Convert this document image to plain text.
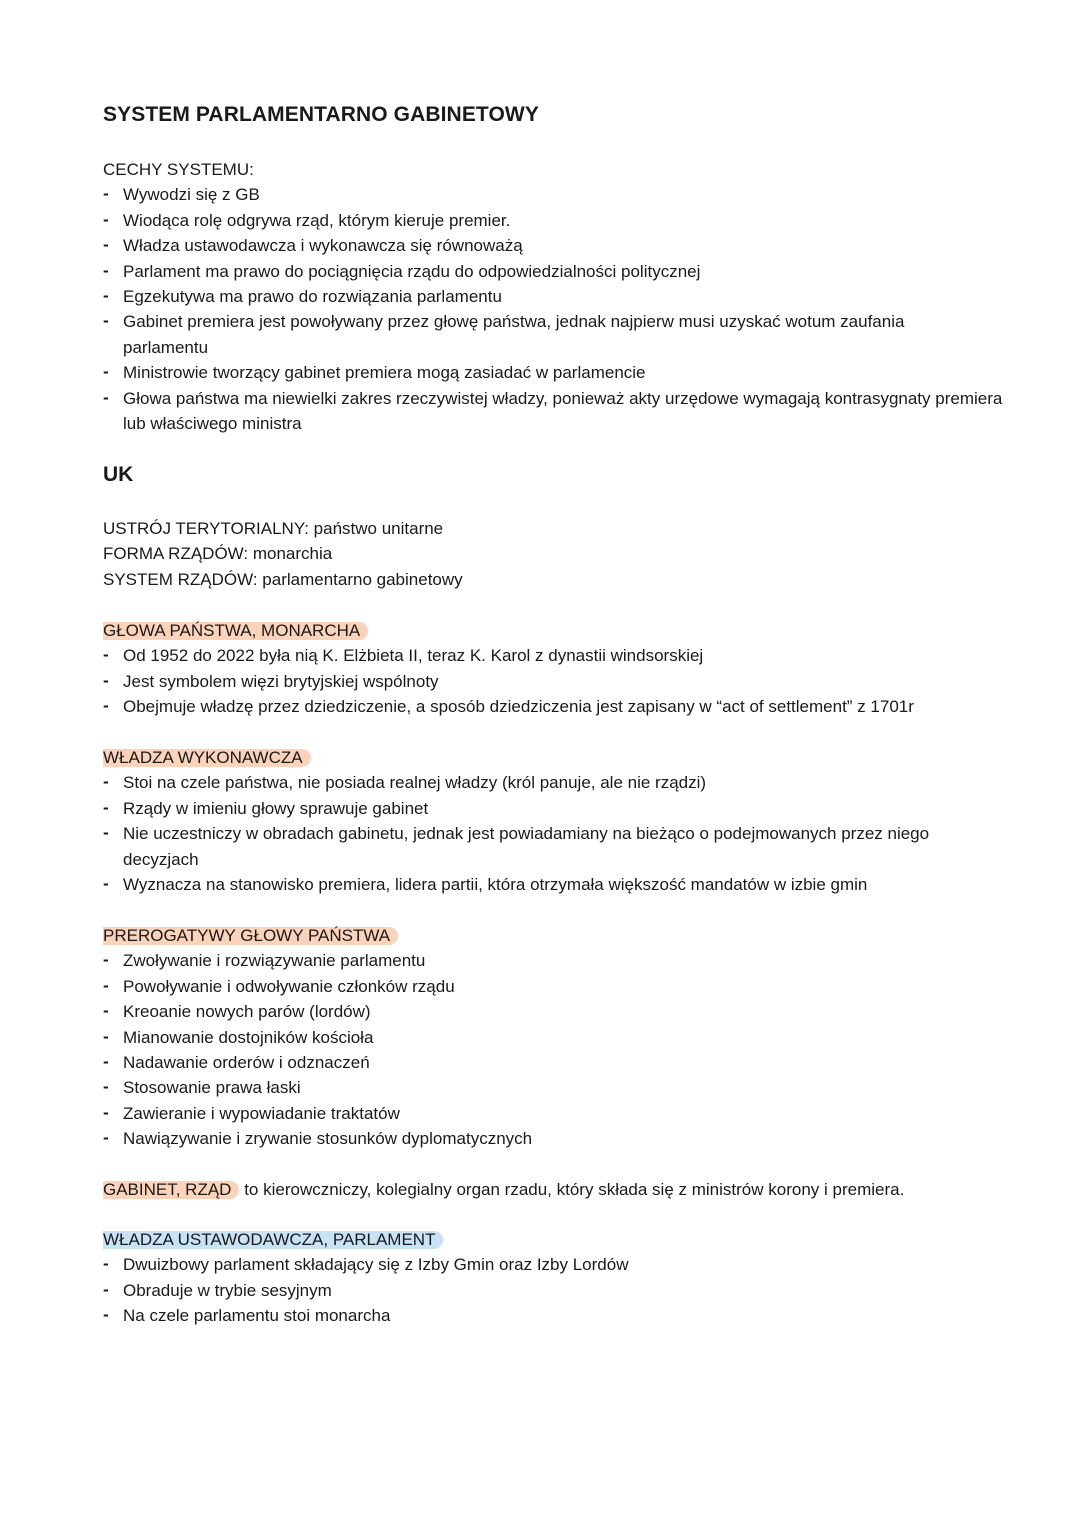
SYSTEM PARLAMENTARNO GABINETOWY
CECHY SYSTEMU:
- Wywodzi się z GB
- Wiodąca rolę odgrywa rząd, którym kieruje premier.
- Władza ustawodawcza i wykonawcza się równoważą
- Parlament ma prawo do pociągnięcia rządu do odpowiedzialności politycznej
- Egzekutywa ma prawo do rozwiązania parlamentu
- Gabinet premiera jest powoływany przez głowę państwa, jednak najpierw musi uzyskać wotum zaufania parlamentu
- Ministrowie tworzący gabinet premiera mogą zasiadać w parlamencie
- Głowa państwa ma niewielki zakres rzeczywistej władzy, ponieważ akty urzędowe wymagają kontrasygnaty premiera lub właściwego ministra
UK
USTRÓJ TERYTORIALNY: państwo unitarne
FORMA RZĄDÓW: monarchia
SYSTEM RZĄDÓW: parlamentarno gabinetowy
GŁOWA PAŃSTWA, MONARCHA
- Od 1952 do 2022 była nią K. Elżbieta II, teraz K. Karol z dynastii windsorskiej
- Jest symbolem więzi brytyjskiej wspólnoty
- Obejmuje władzę przez dziedziczenie, a sposób dziedziczenia jest zapisany w “act of settlement” z 1701r
WŁADZA WYKONAWCZA
- Stoi na czele państwa, nie posiada realnej władzy (król panuje, ale nie rządzi)
- Rządy w imieniu głowy sprawuje gabinet
- Nie uczestniczy w obradach gabinetu, jednak jest powiadamiany na bieżąco o podejmowanych przez niego decyzjach
- Wyznacza na stanowisko premiera, lidera partii, która otrzymała większość mandatów w izbie gmin
PREROGATYWY GŁOWY PAŃSTWA
- Zwoływanie i rozwiązywanie parlamentu
- Powoływanie i odwoływanie członków rządu
- Kreoanie nowych parów (lordów)
- Mianowanie dostojników kościoła
- Nadawanie orderów i odznaczeń
- Stosowanie prawa łaski
- Zawieranie i wypowiadanie traktatów
- Nawiązywanie i zrywanie stosunków dyplomatycznych
GABINET, RZĄD to kierowczniczy, kolegialny organ rzadu, który składa się z ministrów korony i premiera.
WŁADZA USTAWODAWCZA, PARLAMENT
- Dwuizbowy parlament składający się z Izby Gmin oraz Izby Lordów
- Obraduje w trybie sesyjnym
- Na czele parlamentu stoi monarcha
